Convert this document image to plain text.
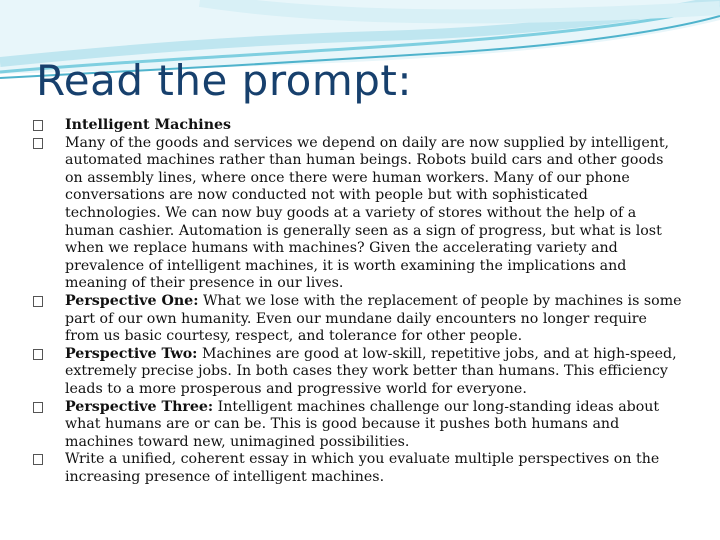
Read the prompt:

Intelligent Machines

Many of the goods and services we depend on daily are now supplied by intelligent, automated machines rather than human beings. Robots build cars and other goods on assembly lines, where once there were human workers. Many of our phone conversations are now conducted not with people but with sophisticated technologies. We can now buy goods at a variety of stores without the help of a human cashier. Automation is generally seen as a sign of progress, but what is lost when we replace humans with machines? Given the accelerating variety and prevalence of intelligent machines, it is worth examining the implications and meaning of their presence in our lives.

Perspective One: What we lose with the replacement of people by machines is some part of our own humanity. Even our mundane daily encounters no longer require from us basic courtesy, respect, and tolerance for other people.

Perspective Two: Machines are good at low-skill, repetitive jobs, and at high-speed, extremely precise jobs. In both cases they work better than humans. This efficiency leads to a more prosperous and progressive world for everyone.

Perspective Three: Intelligent machines challenge our long-standing ideas about what humans are or can be. This is good because it pushes both humans and machines toward new, unimagined possibilities.

Write a unified, coherent essay in which you evaluate multiple perspectives on the increasing presence of intelligent machines.
